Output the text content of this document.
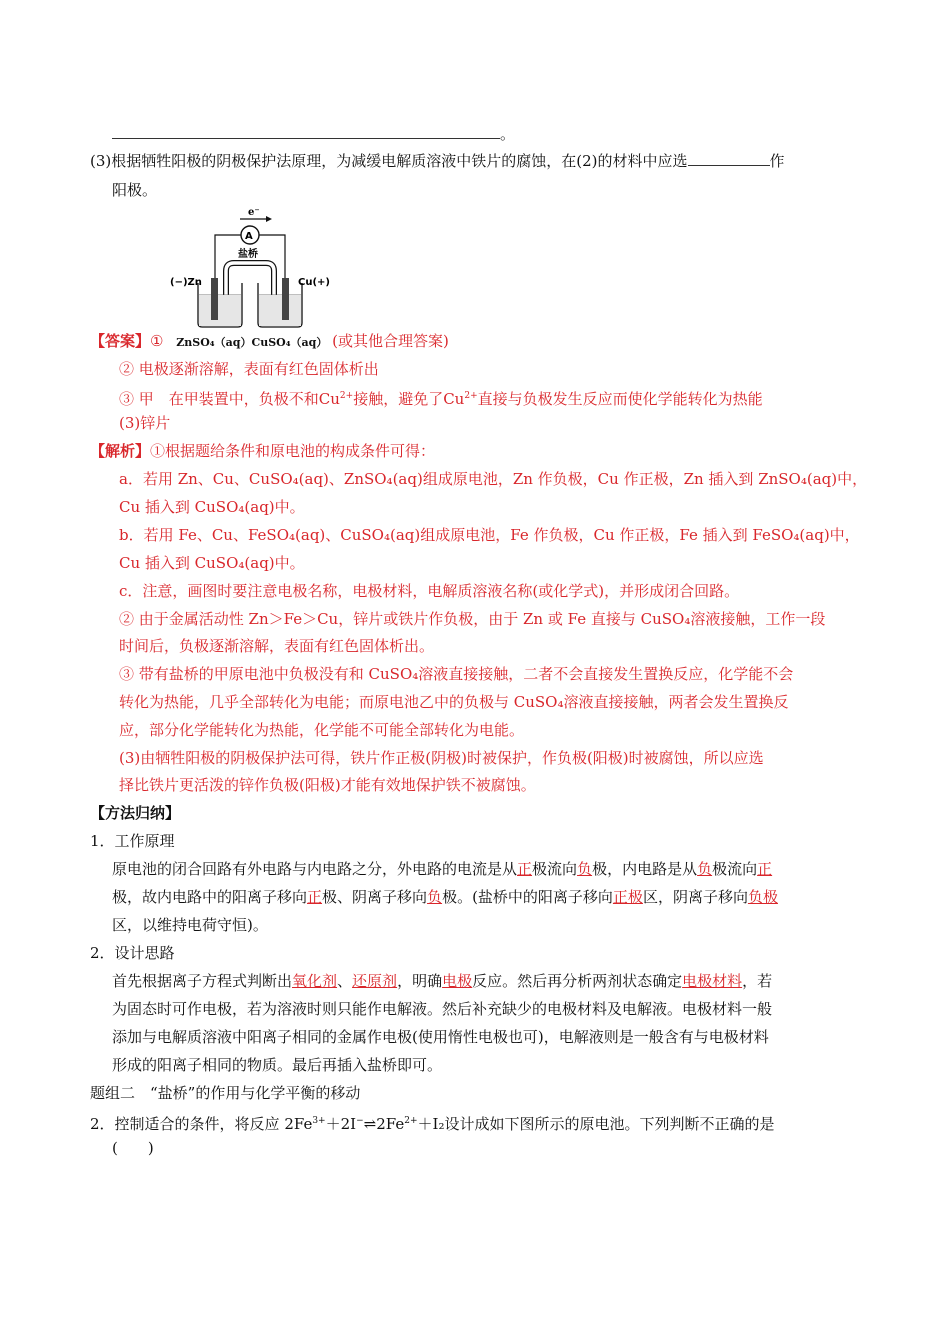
。
(3)根据牺牲阳极的阴极保护法原理，为减缓电解质溶液中铁片的腐蚀，在(2)的材料中应选	作
阳极。
e⁻
A
盐桥
(−)Zn	Cu(+)
【答案】① ZnSO₄（aq）CuSO₄（aq） (或其他合理答案)
② 电极逐渐溶解，表面有红色固体析出
③ 甲　在甲装置中，负极不和$Cu^{2+}$接触，避免了$Cu^{2+}$直接与负极发生反应而使化学能转化为热能
(3)锌片
【解析】①根据题给条件和原电池的构成条件可得：
a．若用 Zn、Cu、CuSO₄(aq)、ZnSO₄(aq)组成原电池，Zn 作负极，Cu 作正极，Zn 插入到 ZnSO₄(aq)中，
Cu 插入到 CuSO₄(aq)中。
b．若用 Fe、Cu、FeSO₄(aq)、CuSO₄(aq)组成原电池，Fe 作负极，Cu 作正极，Fe 插入到 FeSO₄(aq)中，
Cu 插入到 CuSO₄(aq)中。
c．注意，画图时要注意电极名称，电极材料，电解质溶液名称(或化学式)，并形成闭合回路。
② 由于金属活动性 Zn＞Fe＞Cu，锌片或铁片作负极，由于 Zn 或 Fe 直接与 CuSO₄溶液接触，工作一段
时间后，负极逐渐溶解，表面有红色固体析出。
③ 带有盐桥的甲原电池中负极没有和 CuSO₄溶液直接接触，二者不会直接发生置换反应，化学能不会
转化为热能，几乎全部转化为电能；而原电池乙中的负极与 CuSO₄溶液直接接触，两者会发生置换反
应，部分化学能转化为热能，化学能不可能全部转化为电能。
(3)由牺牲阳极的阴极保护法可得，铁片作正极(阴极)时被保护，作负极(阳极)时被腐蚀，所以应选
择比铁片更活泼的锌作负极(阳极)才能有效地保护铁不被腐蚀。
【方法归纳】
1．工作原理
原电池的闭合回路有外电路与内电路之分，外电路的电流是从正极流向负极，内电路是从负极流向正
极，故内电路中的阳离子移向正极、阴离子移向负极。(盐桥中的阳离子移向正极区，阴离子移向负极
区，以维持电荷守恒)。
2．设计思路
首先根据离子方程式判断出氧化剂、还原剂，明确电极反应。然后再分析两剂状态确定电极材料，若
为固态时可作电极，若为溶液时则只能作电解液。然后补充缺少的电极材料及电解液。电极材料一般
添加与电解质溶液中阳离子相同的金属作电极(使用惰性电极也可)，电解液则是一般含有与电极材料
形成的阳离子相同的物质。最后再插入盐桥即可。
题组二　“盐桥”的作用与化学平衡的移动
2．控制适合的条件，将反应 $2Fe^{3+}+2I^-\rightleftharpoons 2Fe^{2+}+I_2$设计成如下图所示的原电池。下列判断不正确的是
(　　)
